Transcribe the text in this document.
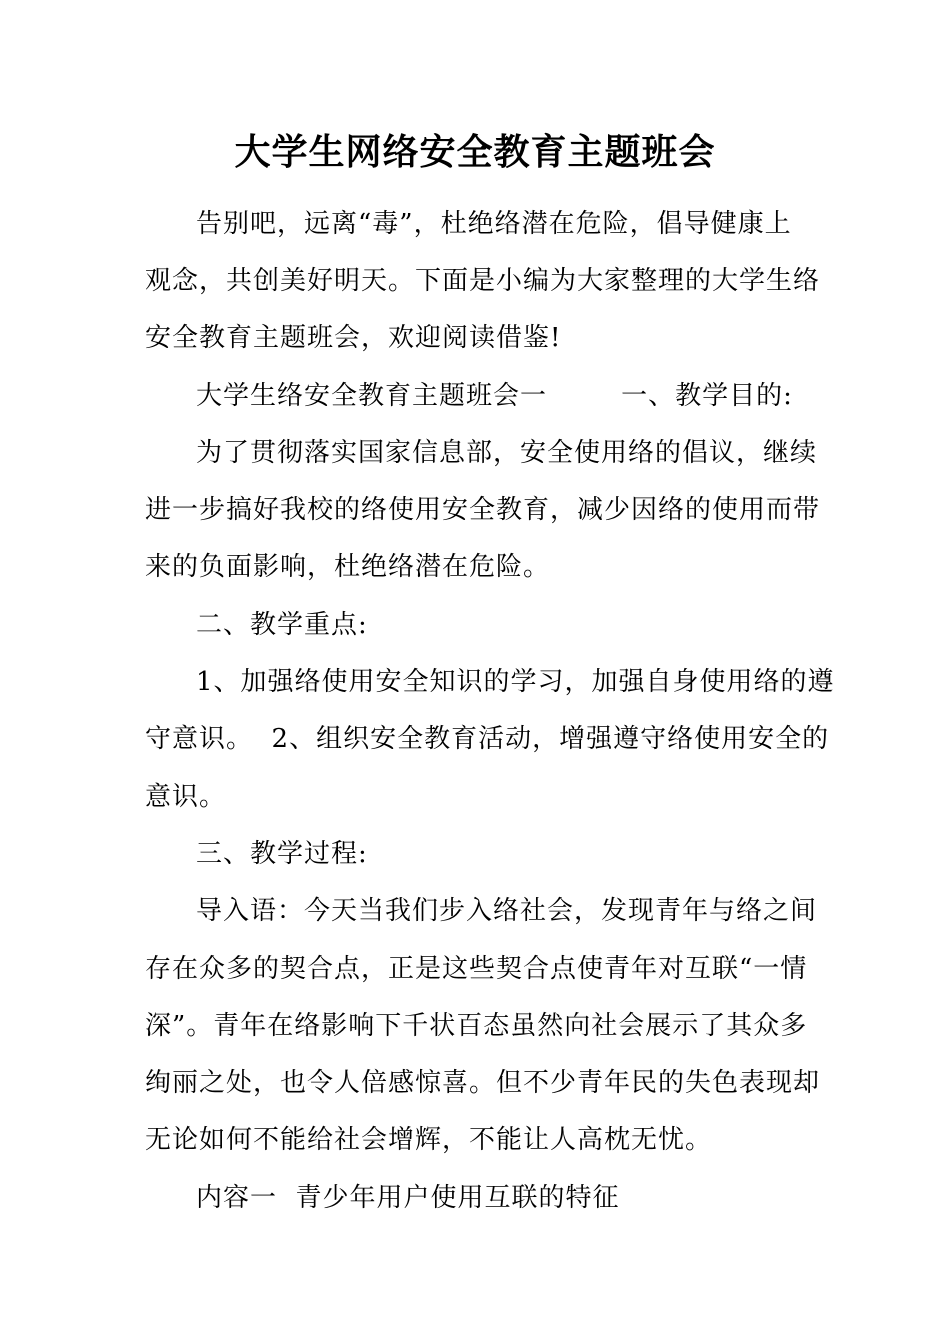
大学生网络安全教育主题班会
告别吧，远离“毒”，杜绝络潜在危险，倡导健康上
观念，共创美好明天。下面是小编为大家整理的大学生络
安全教育主题班会，欢迎阅读借鉴!
大学生络安全教育主题班会一        一、教学目的:
为了贯彻落实国家信息部，安全使用络的倡议，继续
进一步搞好我校的络使用安全教育，减少因络的使用而带
来的负面影响，杜绝络潜在危险。
二、教学重点:
1、加强络使用安全知识的学习，加强自身使用络的遵
守意识。  2、组织安全教育活动，增强遵守络使用安全的
意识。
三、教学过程:
导入语：今天当我们步入络社会，发现青年与络之间
存在众多的契合点，正是这些契合点使青年对互联“一情
深”。青年在络影响下千状百态虽然向社会展示了其众多
绚丽之处，也令人倍感惊喜。但不少青年民的失色表现却
无论如何不能给社会增辉，不能让人高枕无忧。
内容一  青少年用户使用互联的特征
